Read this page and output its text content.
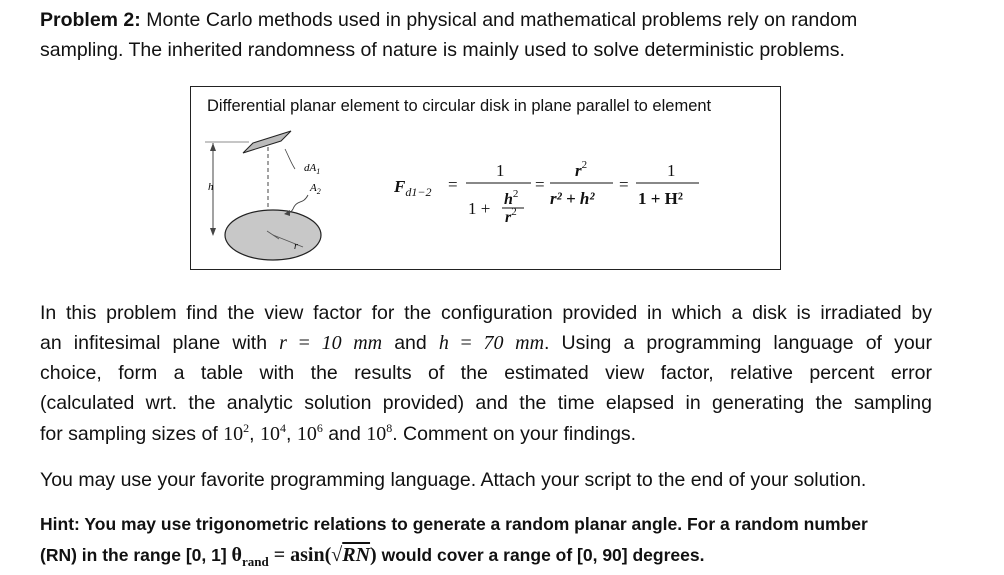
Problem 2: Monte Carlo methods used in physical and mathematical problems rely on random
sampling. The inherited randomness of nature is mainly used to solve deterministic problems.
Differential planar element to circular disk in plane parallel to element
h
$dA_1$
$A_2$
r
$F_{d1-2}$ =
1
$1 + h^2$
$r^2$
=
$r^2$
r² + h²
=
1
1 + H²
In this problem find the view factor for the configuration provided in which a disk is irradiated by
an infitesimal plane with r = 10 mm and h = 70 mm. Using a programming language of your
choice, form a table with the results of the estimated view factor, relative percent error
(calculated wrt. the analytic solution provided) and the time elapsed in generating the sampling
for sampling sizes of $10^2$, $10^4$, $10^6$ and $10^8$. Comment on your findings.
You may use your favorite programming language. Attach your script to the end of your solution.
Hint: You may use trigonometric relations to generate a random planar angle. For a random number
(RN) in the range [0, 1] $\theta_{rand} = asin(√RN)$ would cover a range of [0, 90] degrees.
